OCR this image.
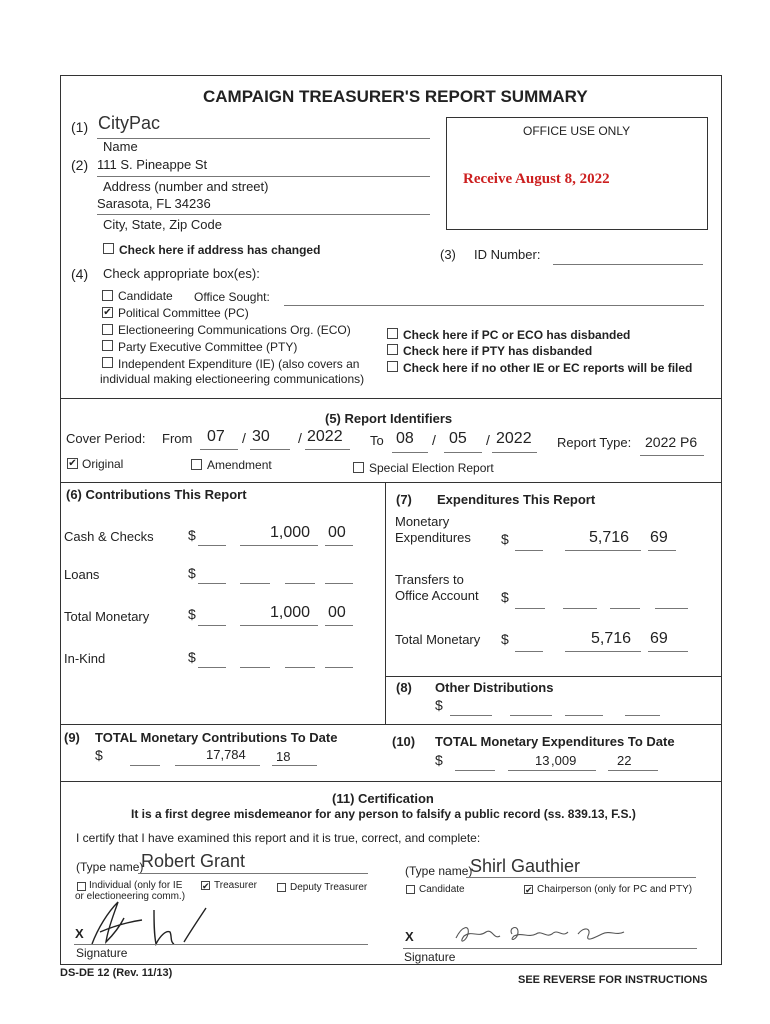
CAMPAIGN TREASURER'S REPORT SUMMARY
(1) CityPac
Name
(2) 111 S. Pineappe St
Address (number and street)
Sarasota, FL 34236
City, State, Zip Code
Check here if address has changed
OFFICE USE ONLY
Receive August 8, 2022
(3) ID Number:
(4) Check appropriate box(es):
Candidate Office Sought:
✔ Political Committee (PC)
Electioneering Communications Org. (ECO)
Party Executive Committee (PTY)
Independent Expenditure (IE) (also covers an
individual making electioneering communications)
Check here if PC or ECO has disbanded
Check here if PTY has disbanded
Check here if no other IE or EC reports will be filed
(5) Report Identifiers
Cover Period: From 07 / 30 / 2022 To 08 / 05 / 2022 Report Type: 2022 P6
✔ Original	Amendment	Special Election Report
(6) Contributions This Report
Cash & Checks $	1,000 00
Loans	$
Total Monetary	$	1,000 00
In-Kind	$
(7) Expenditures This Report
Monetary
Expenditures $	5,716 69
Transfers to
Office Account $
Total Monetary $	5,716 69
(8) Other Distributions
$
(9) TOTAL Monetary Contributions To Date
$	17,784 18
(10) TOTAL Monetary Expenditures To Date
$	13 ,009	22
(11) Certification
It is a first degree misdemeanor for any person to falsify a public record (ss. 839.13, F.S.)
I certify that I have examined this report and it is true, correct, and complete:
(Type name)
Robert Grant	(Type name)
Shirl Gauthier
Individual (only for IE
or electioneering comm.)
✔ Treasurer	Deputy Treasurer	Candidate	✔ Chairperson (only for PC and PTY)
X
Signature
X
Signature
DS-DE 12 (Rev. 11/13)
SEE REVERSE FOR INSTRUCTIONS
